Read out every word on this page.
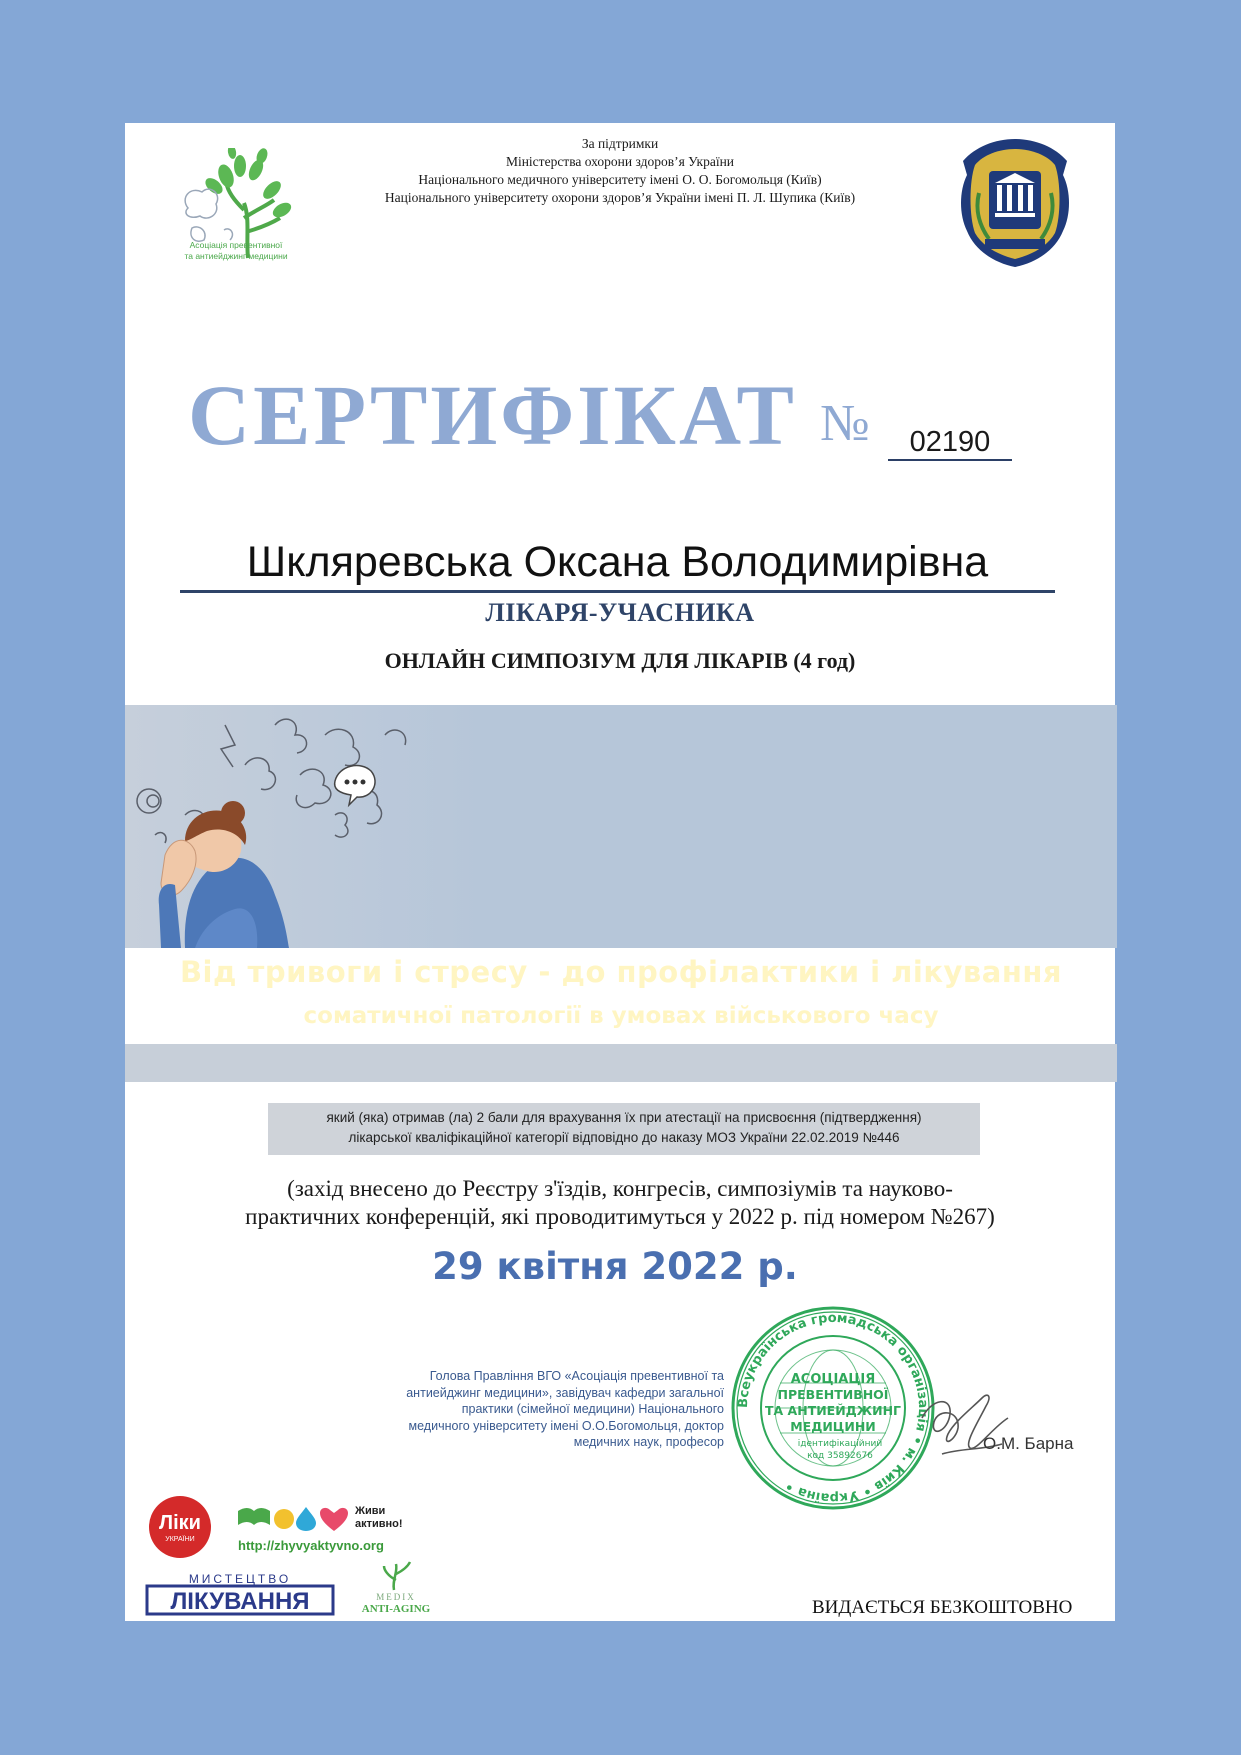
Асоціація превентивної
та антиейджинг медицини
За підтримки
Міністерства охорони здоров’я України
Національного медичного університету імені О. О. Богомольця (Київ)
Національного університету охорони здоров’я України імені П. Л. Шупика (Київ)
СЕРТИФІКАТ №	02190
Шкляревська Оксана Володимирівна
ЛІКАРЯ-УЧАСНИКА
ОНЛАЙН СИМПОЗІУМ ДЛЯ ЛІКАРІВ (4 год)
Від тривоги і стресу - до профілактики і лікування
соматичної патології в умовах військового часу
який (яка) отримав (ла) 2 бали для врахування їх при атестації на присвоєння (підтвердження)
лікарської кваліфікаційної категорії відповідно до наказу МОЗ України 22.02.2019 №446
(захід внесено до Реєстру з'їздів, конгресів, симпозіумів та науково-
практичних конференцій, які проводитимуться у 2022 р. під номером №267)
29 квітня 2022 р.
Голова Правління ВГО «Асоціація превентивної та
антиейджинг медицини», завідувач кафедри загальної
практики (сімейної медицини) Національного
медичного університету імені О.О.Богомольця, доктор
медичних наук, професор
Всеукраїнська громадська організація • м. Київ • Україна •
АСОЦІАЦІЯ
ПРЕВЕНТИВНОЇ
ТА АНТИЕЙДЖИНГ
МЕДИЦИНИ
ідентифікаційний
код 35892676
О.М. Барна
Ліки
УКРАЇНИ
Живи
активно!
http://zhyvyaktyvno.org
МИСТЕЦТВО
ЛІКУВАННЯ	MEDIX
ANTI-AGING	ВИДАЄТЬСЯ БЕЗКОШТОВНО
